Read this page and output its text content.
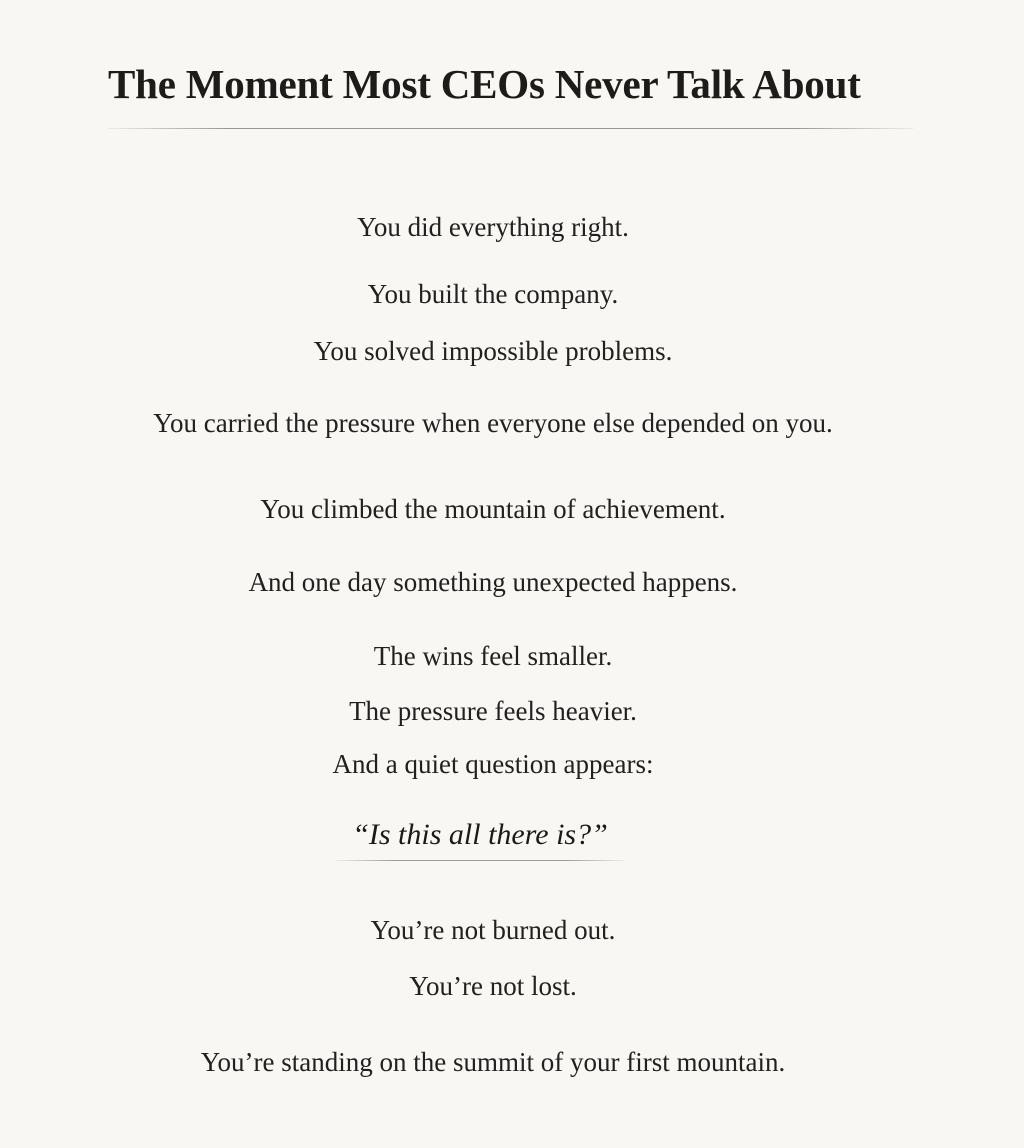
The Moment Most CEOs Never Talk About
You did everything right.
You built the company.
You solved impossible problems.
You carried the pressure when everyone else depended on you.
You climbed the mountain of achievement.
And one day something unexpected happens.
The wins feel smaller.
The pressure feels heavier.
And a quiet question appears:
“Is this all there is?”
You’re not burned out.
You’re not lost.
You’re standing on the summit of your first mountain.
